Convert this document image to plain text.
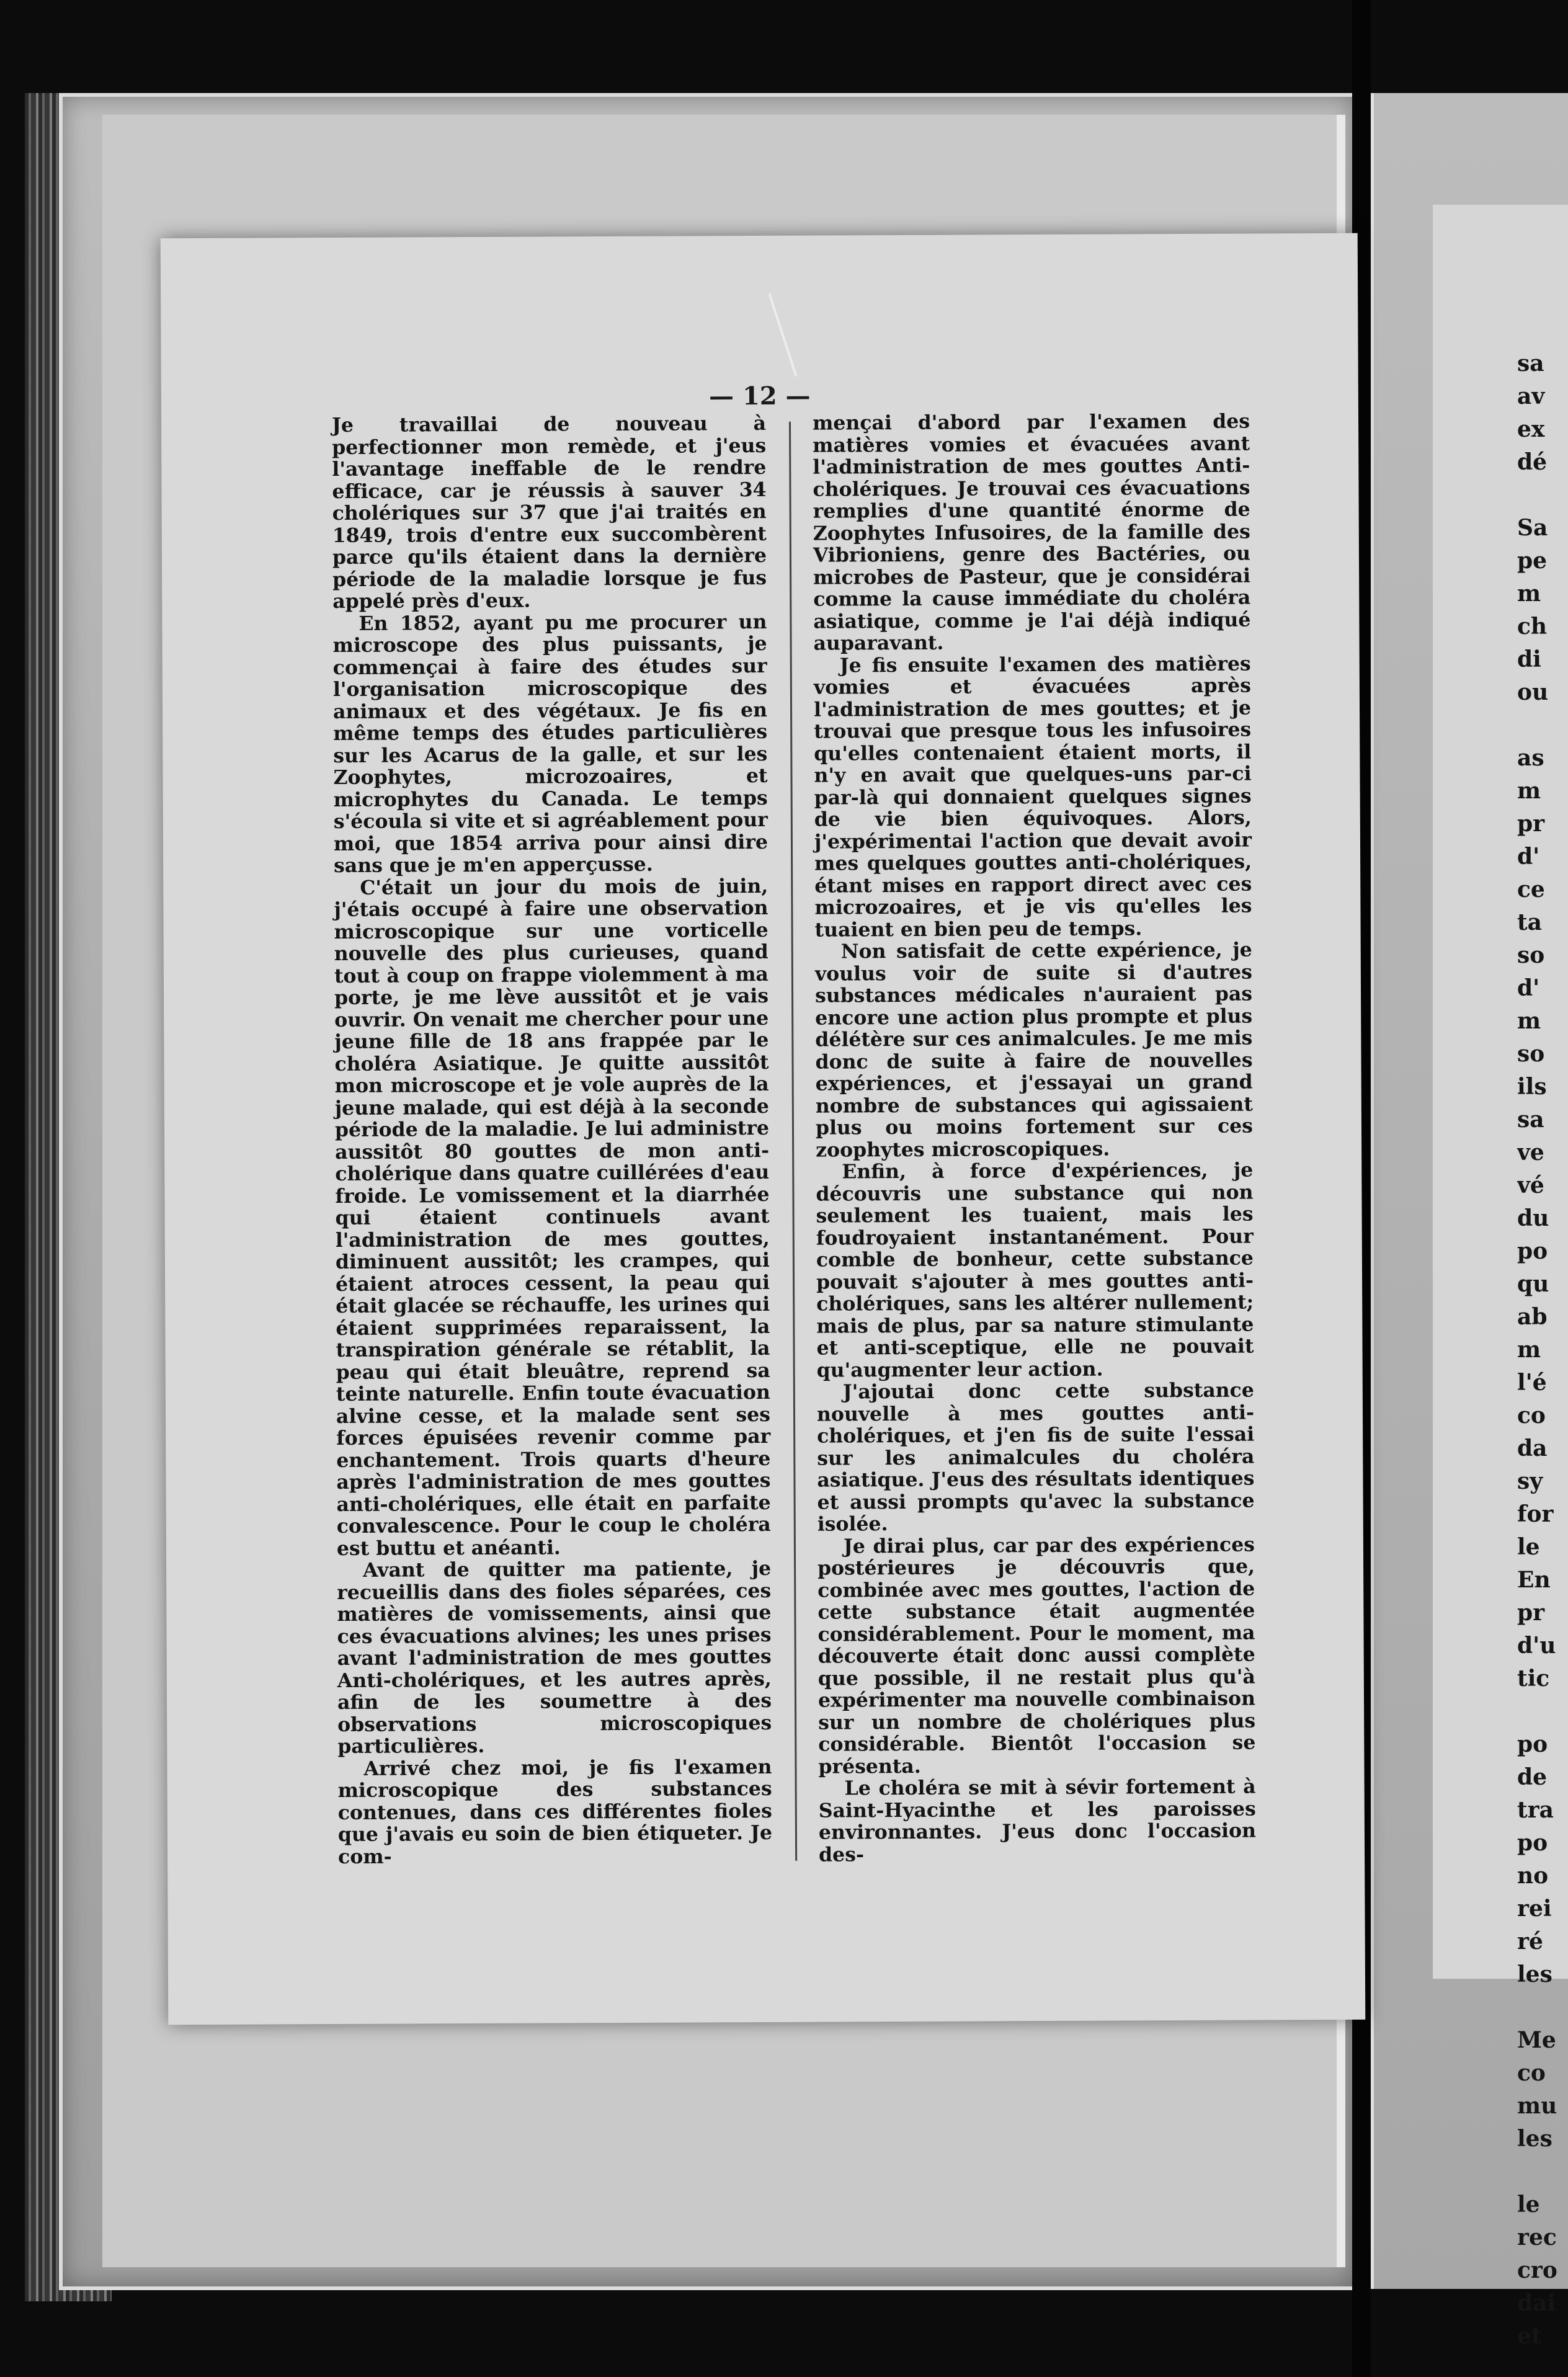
sa
av
ex
dé
Sa
pe
m
ch
di
ou
as
m
pr
d'
ce
ta
so
d'
m
so
ils
sa
ve
vé
du
po
qu
ab
m
l'é
co
da
sy
for
le
En
pr
d'u
tic
po
de
tra
po
no
rei
ré
les
Me
co
mu
les
le
rec
cro
dai
et
— 12 —

Je travaillai de nouveau à perfectionner mon remède, et j'eus l'avantage ineffable de le rendre efficace, car je réussis à sauver 34 cholériques sur 37 que j'ai traités en 1849, trois d'entre eux succombèrent parce qu'ils étaient dans la dernière période de la maladie lorsque je fus appelé près d'eux.

En 1852, ayant pu me procurer un microscope des plus puissants, je commençai à faire des études sur l'organisation microscopique des animaux et des végétaux. Je fis en même temps des études particulières sur les Acarus de la galle, et sur les Zoophytes, microzoaires, et microphytes du Canada. Le temps s'écoula si vite et si agréablement pour moi, que 1854 arriva pour ainsi dire sans que je m'en apperçusse.

C'était un jour du mois de juin, j'étais occupé à faire une observation microscopique sur une vorticelle nouvelle des plus curieuses, quand tout à coup on frappe violemment à ma porte, je me lève aussitôt et je vais ouvrir. On venait me chercher pour une jeune fille de 18 ans frappée par le choléra Asiatique. Je quitte aussitôt mon microscope et je vole auprès de la jeune malade, qui est déjà à la seconde période de la maladie. Je lui administre aussitôt 80 gouttes de mon anti-cholérique dans quatre cuillérées d'eau froide. Le vomissement et la diarrhée qui étaient continuels avant l'administration de mes gouttes, diminuent aussitôt; les crampes, qui étaient atroces cessent, la peau qui était glacée se réchauffe, les urines qui étaient supprimées reparaissent, la transpiration générale se rétablit, la peau qui était bleuâtre, reprend sa teinte naturelle. Enfin toute évacuation alvine cesse, et la malade sent ses forces épuisées revenir comme par enchantement. Trois quarts d'heure après l'administration de mes gouttes anti-cholériques, elle était en parfaite convalescence. Pour le coup le choléra est buttu et anéanti.

Avant de quitter ma patiente, je recueillis dans des fioles séparées, ces matières de vomissements, ainsi que ces évacuations alvines; les unes prises avant l'administration de mes gouttes Anti-cholériques, et les autres après, afin de les soumettre à des observations microscopiques particulières.

Arrivé chez moi, je fis l'examen microscopique des substances contenues, dans ces différentes fioles que j'avais eu soin de bien étiqueter. Je com-

mençai d'abord par l'examen des matières vomies et évacuées avant l'administration de mes gouttes Anti-cholériques. Je trouvai ces évacuations remplies d'une quantité énorme de Zoophytes Infusoires, de la famille des Vibrioniens, genre des Bactéries, ou microbes de Pasteur, que je considérai comme la cause immédiate du choléra asiatique, comme je l'ai déjà indiqué auparavant.

Je fis ensuite l'examen des matières vomies et évacuées après l'administration de mes gouttes; et je trouvai que presque tous les infusoires qu'elles contenaient étaient morts, il n'y en avait que quelques-uns par-ci par-là qui donnaient quelques signes de vie bien équivoques. Alors, j'expérimentai l'action que devait avoir mes quelques gouttes anti-cholériques, étant mises en rapport direct avec ces microzoaires, et je vis qu'elles les tuaient en bien peu de temps.

Non satisfait de cette expérience, je voulus voir de suite si d'autres substances médicales n'auraient pas encore une action plus prompte et plus délétère sur ces animalcules. Je me mis donc de suite à faire de nouvelles expériences, et j'essayai un grand nombre de substances qui agissaient plus ou moins fortement sur ces zoophytes microscopiques.

Enfin, à force d'expériences, je découvris une substance qui non seulement les tuaient, mais les foudroyaient instantanément. Pour comble de bonheur, cette substance pouvait s'ajouter à mes gouttes anti-cholériques, sans les altérer nullement; mais de plus, par sa nature stimulante et anti-sceptique, elle ne pouvait qu'augmenter leur action.

J'ajoutai donc cette substance nouvelle à mes gouttes anti-cholériques, et j'en fis de suite l'essai sur les animalcules du choléra asiatique. J'eus des résultats identiques et aussi prompts qu'avec la substance isolée.

Je dirai plus, car par des expériences postérieures je découvris que, combinée avec mes gouttes, l'action de cette substance était augmentée considérablement. Pour le moment, ma découverte était donc aussi complète que possible, il ne restait plus qu'à expérimenter ma nouvelle combinaison sur un nombre de cholériques plus considérable. Bientôt l'occasion se présenta.

Le choléra se mit à sévir fortement à Saint-Hyacinthe et les paroisses environnantes. J'eus donc l'occasion des-
